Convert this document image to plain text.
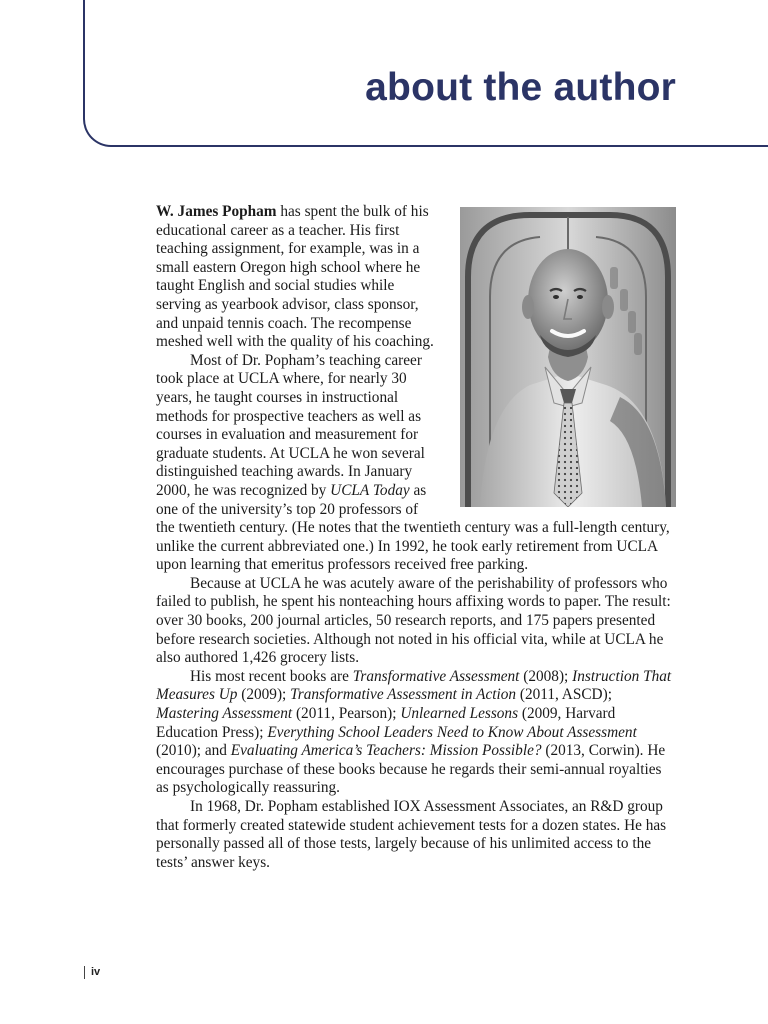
about the author

W. James Popham has spent the bulk of his educational career as a teacher. His first teaching assignment, for example, was in a small eastern Oregon high school where he taught English and social studies while serving as yearbook advisor, class sponsor, and unpaid tennis coach. The recompense meshed well with the quality of his coaching.

Most of Dr. Popham’s teaching career took place at UCLA where, for nearly 30 years, he taught courses in instructional methods for prospective teachers as well as courses in evaluation and measurement for graduate students. At UCLA he won several distinguished teaching awards. In January 2000, he was recognized by UCLA Today as one of the university’s top 20 professors of the twentieth century. (He notes that the twentieth century was a full-length century, unlike the current abbreviated one.) In 1992, he took early retirement from UCLA upon learning that emeritus professors received free parking.

Because at UCLA he was acutely aware of the perishability of professors who failed to publish, he spent his nonteaching hours affixing words to paper. The result: over 30 books, 200 journal articles, 50 research reports, and 175 papers presented before research societies. Although not noted in his official vita, while at UCLA he also authored 1,426 grocery lists.

His most recent books are Transformative Assessment (2008); Instruction That Measures Up (2009); Transformative Assessment in Action (2011, ASCD); Mastering Assessment (2011, Pearson); Unlearned Lessons (2009, Harvard Education Press); Everything School Leaders Need to Know About Assessment (2010); and Evaluating America’s Teachers: Mission Possible? (2013, Corwin). He encourages purchase of these books because he regards their semi-annual royalties as psychologically reassuring.

In 1968, Dr. Popham established IOX Assessment Associates, an R&D group that formerly created statewide student achievement tests for a dozen states. He has personally passed all of those tests, largely because of his unlimited access to the tests’ answer keys.

iv
